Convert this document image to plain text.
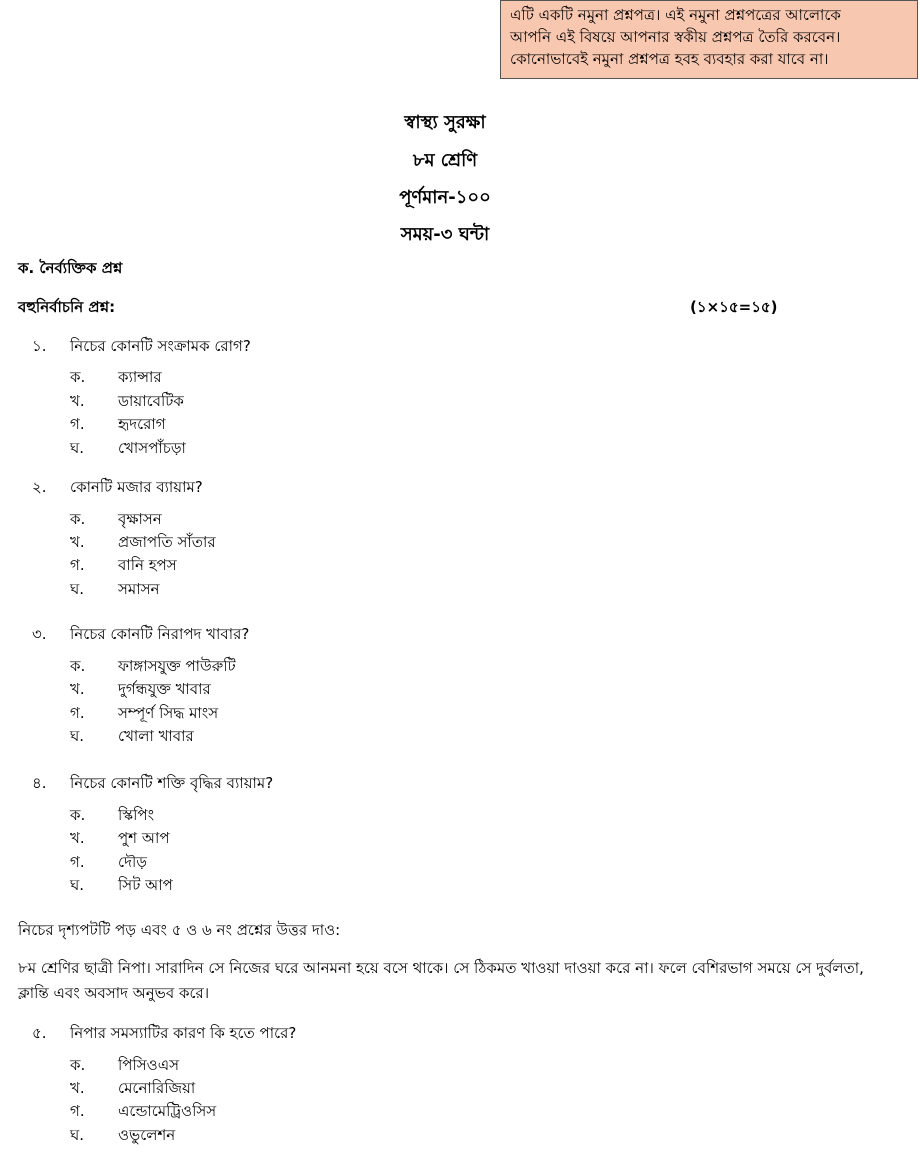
এটি একটি নমুনা প্রশ্নপত্র। এই নমুনা প্রশ্নপত্রের আলোকে
আপনি এই বিষয়ে আপনার স্বকীয় প্রশ্নপত্র তৈরি করবেন।
কোনোভাবেই নমুনা প্রশ্নপত্র হবহ ব্যবহার করা যাবে না।
স্বাস্থ্য সুরক্ষা
৮ম শ্রেণি
পূর্ণমান-১০০
সময়-৩ ঘন্টা
ক. নৈর্ব্যক্তিক প্রশ্ন
বহুনির্বাচনি প্রশ্ন:	(১×১৫=১৫)
১. নিচের কোনটি সংক্রামক রোগ?
ক. ক্যান্সার
খ. ডায়াবেটিক
গ. হৃদরোগ
ঘ. খোসপাঁচড়া
২. কোনটি মজার ব্যায়াম?
ক. বৃক্ষাসন
খ. প্রজাপতি সাঁতার
গ. বানি হপস
ঘ. সমাসন
৩. নিচের কোনটি নিরাপদ খাবার?
ক. ফাঙ্গাসযুক্ত পাউরুটি
খ. দুর্গন্ধযুক্ত খাবার
গ. সম্পূর্ণ সিদ্ধ মাংস
ঘ. খোলা খাবার
৪. নিচের কোনটি শক্তি বৃদ্ধির ব্যায়াম?
ক. স্কিপিং
খ. পুশ আপ
গ. দৌড়
ঘ. সিট আপ
নিচের দৃশ্যপটটি পড় এবং ৫ ও ৬ নং প্রশ্নের উত্তর দাও:
৮ম শ্রেণির ছাত্রী নিপা। সারাদিন সে নিজের ঘরে আনমনা হয়ে বসে থাকে। সে ঠিকমত খাওয়া দাওয়া করে না। ফলে বেশিরভাগ সময়ে সে দুর্বলতা, ক্লান্তি এবং অবসাদ অনুভব করে।
৫. নিপার সমস্যাটির কারণ কি হতে পারে?
ক. পিসিওএস
খ. মেনোরিজিয়া
গ. এন্ডোমেট্রিওসিস
ঘ. ওভুলেশন
